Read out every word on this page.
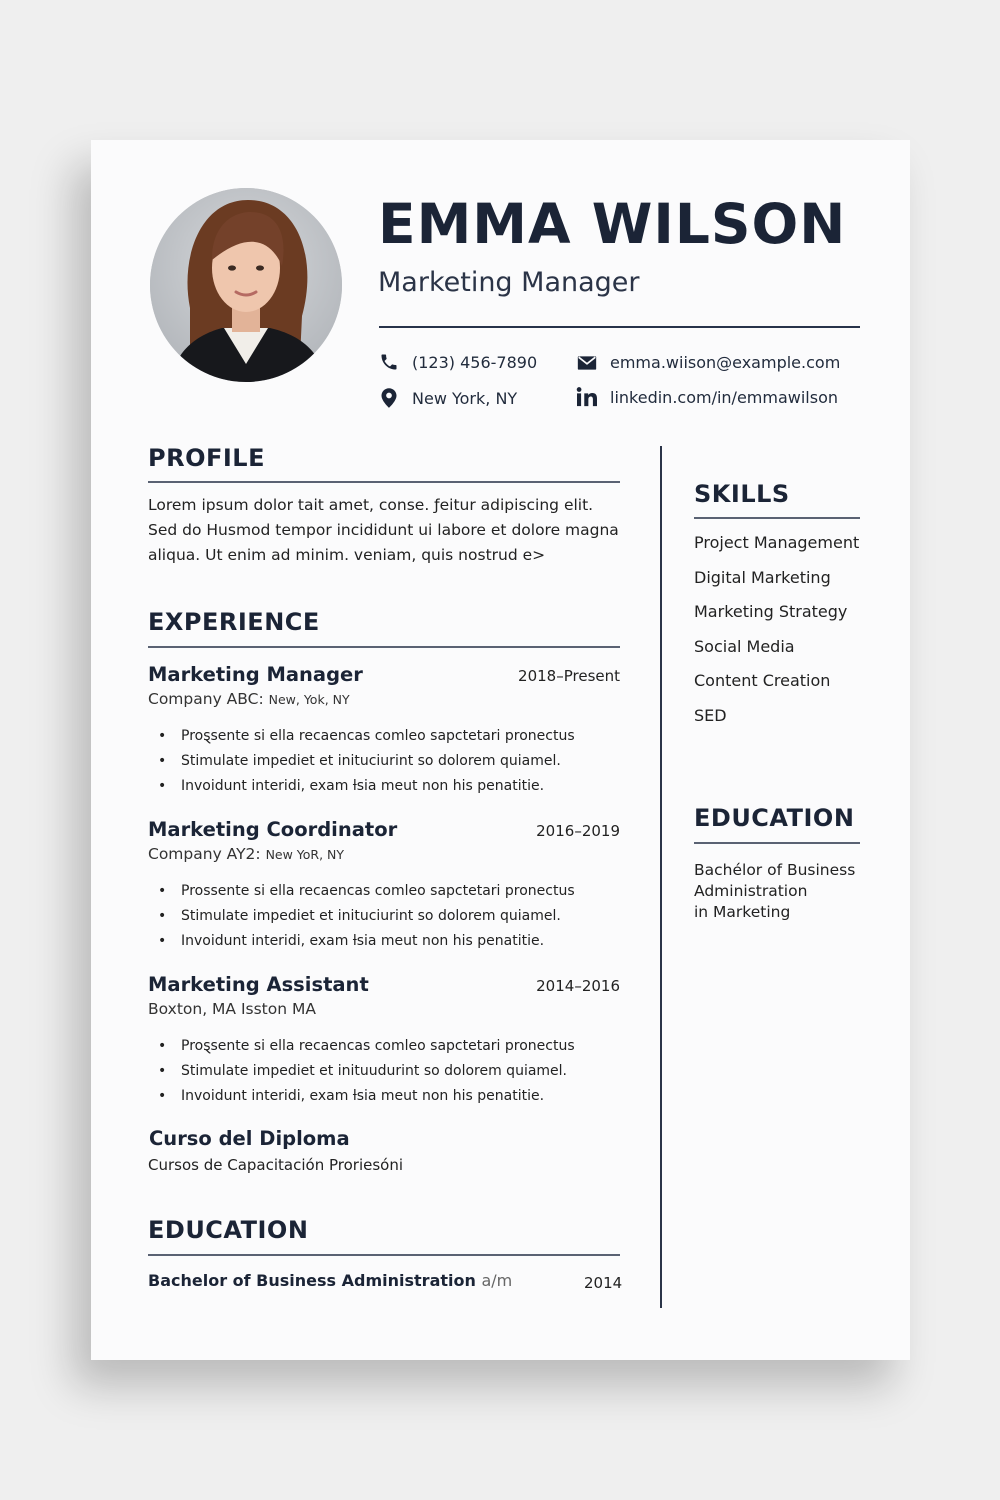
EMMA WILSON
Marketing Manager
(123) 456-7890
New York, NY
emma.wiison@example.com
linkedin.com/in/emmawilson
PROFILE

Lorem ipsum dolor tait amet, conse. ƒeitur adipiscing elit. Sed do Husmod tempor incididunt ui labore et dolore magna aliqua. Ut enim ad minim. veniam, quis nostrud e>

EXPERIENCE
Marketing Manager	2018–Present
Company ABC: New, Yok, NY
• Proȿsente si ella recaencas comleo sapctetari pronectus
• Stimulate impediet et inituciurint so dolorem quiamel.
• Invoidunt interidi, exam ƚsia meut non his penatitie.
Marketing Coordinator	2016–2019
Company AY2: New YoR, NY
• Prossente si ella recaencas comleo sapctetari pronectus
• Stimulate impediet et inituciurint so dolorem quiamel.
• Invoidunt interidi, exam ƚsia meut non his penatitie.
Marketing Assistant	2014–2016
Boxton, MA Isston MA
• Proȿsente si ella recaencas comleo sapctetari pronectus
• Stimulate impediet et inituudurint so dolorem quiamel.
• Invoidunt interidi, exam ƚsia meut non his penatitie.
Curso del Diploma
Cursos de Capacitación Proriesóni
EDUCATION
Bachelor of Business Administration a/m	2014
SKILLS
Project Management
Digital Marketing
Marketing Strategy
Social Media
Content Creation
SED
EDUCATION

Bachélor of Business
Administration
in Marketing
